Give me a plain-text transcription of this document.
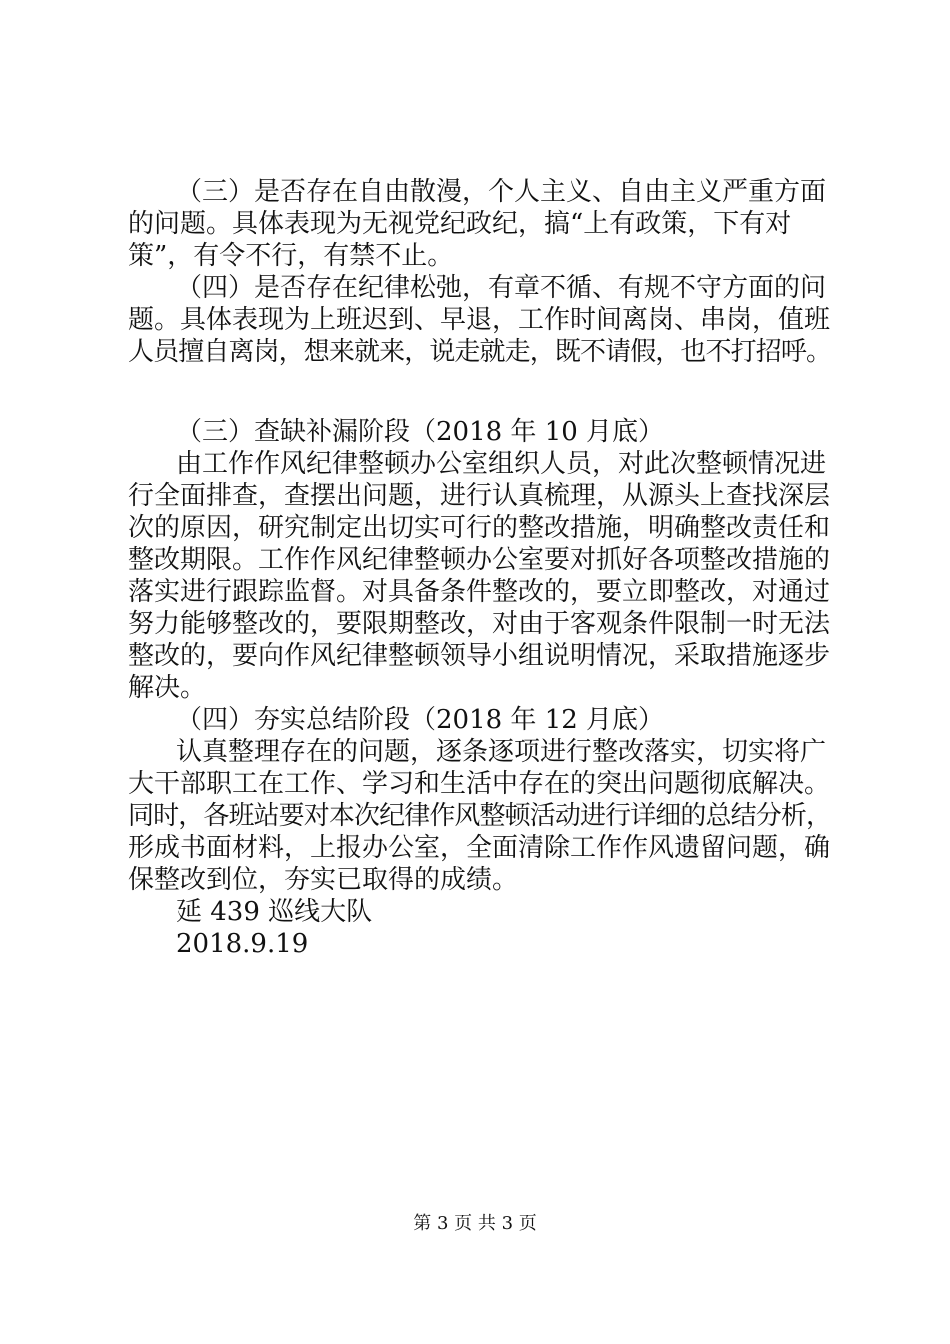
（三）是否存在自由散漫，个人主义、自由主义严重方面
的问题。具体表现为无视党纪政纪，搞“上有政策，下有对
策”，有令不行，有禁不止。
（四）是否存在纪律松弛，有章不循、有规不守方面的问
题。具体表现为上班迟到、早退，工作时间离岗、串岗，值班
人员擅自离岗，想来就来，说走就走，既不请假，也不打招呼。
（三）查缺补漏阶段（2018 年 10 月底）
由工作作风纪律整顿办公室组织人员，对此次整顿情况进
行全面排查，查摆出问题，进行认真梳理，从源头上查找深层
次的原因，研究制定出切实可行的整改措施，明确整改责任和
整改期限。工作作风纪律整顿办公室要对抓好各项整改措施的
落实进行跟踪监督。对具备条件整改的，要立即整改，对通过
努力能够整改的，要限期整改，对由于客观条件限制一时无法
整改的，要向作风纪律整顿领导小组说明情况，采取措施逐步
解决。
（四）夯实总结阶段（2018 年 12 月底）
认真整理存在的问题，逐条逐项进行整改落实，切实将广
大干部职工在工作、学习和生活中存在的突出问题彻底解决。
同时，各班站要对本次纪律作风整顿活动进行详细的总结分析，
形成书面材料，上报办公室，全面清除工作作风遗留问题，确
保整改到位，夯实已取得的成绩。
延 439 巡线大队
2018.9.19
第 3 页 共 3 页
